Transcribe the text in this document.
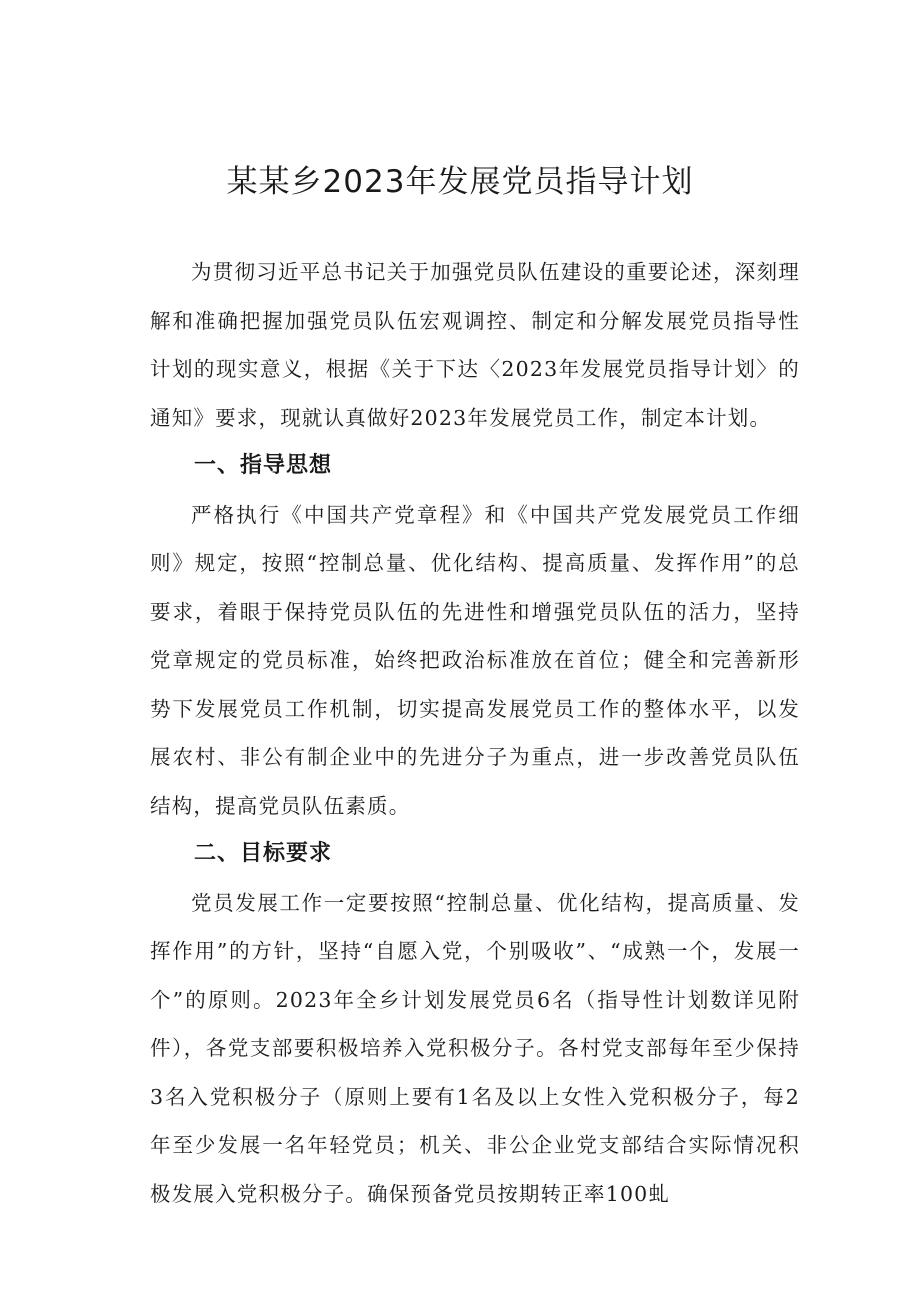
某某乡2023年发展党员指导计划

为贯彻习近平总书记关于加强党员队伍建设的重要论述，深刻理解和准确把握加强党员队伍宏观调控、制定和分解发展党员指导性计划的现实意义，根据《关于下达〈2023年发展党员指导计划〉的通知》要求，现就认真做好2023年发展党员工作，制定本计划。

一、指导思想

严格执行《中国共产党章程》和《中国共产党发展党员工作细则》规定，按照“控制总量、优化结构、提高质量、发挥作用”的总要求，着眼于保持党员队伍的先进性和增强党员队伍的活力，坚持党章规定的党员标准，始终把政治标准放在首位；健全和完善新形势下发展党员工作机制，切实提高发展党员工作的整体水平，以发展农村、非公有制企业中的先进分子为重点，进一步改善党员队伍结构，提高党员队伍素质。

二、目标要求

党员发展工作一定要按照“控制总量、优化结构，提高质量、发挥作用”的方针，坚持“自愿入党，个别吸收”、“成熟一个，发展一个”的原则。2023年全乡计划发展党员6名（指导性计划数详见附件），各党支部要积极培养入党积极分子。各村党支部每年至少保持3名入党积极分子（原则上要有1名及以上女性入党积极分子，每2年至少发展一名年轻党员；机关、非公企业党支部结合实际情况积极发展入党积极分子。确保预备党员按期转正率100虬
